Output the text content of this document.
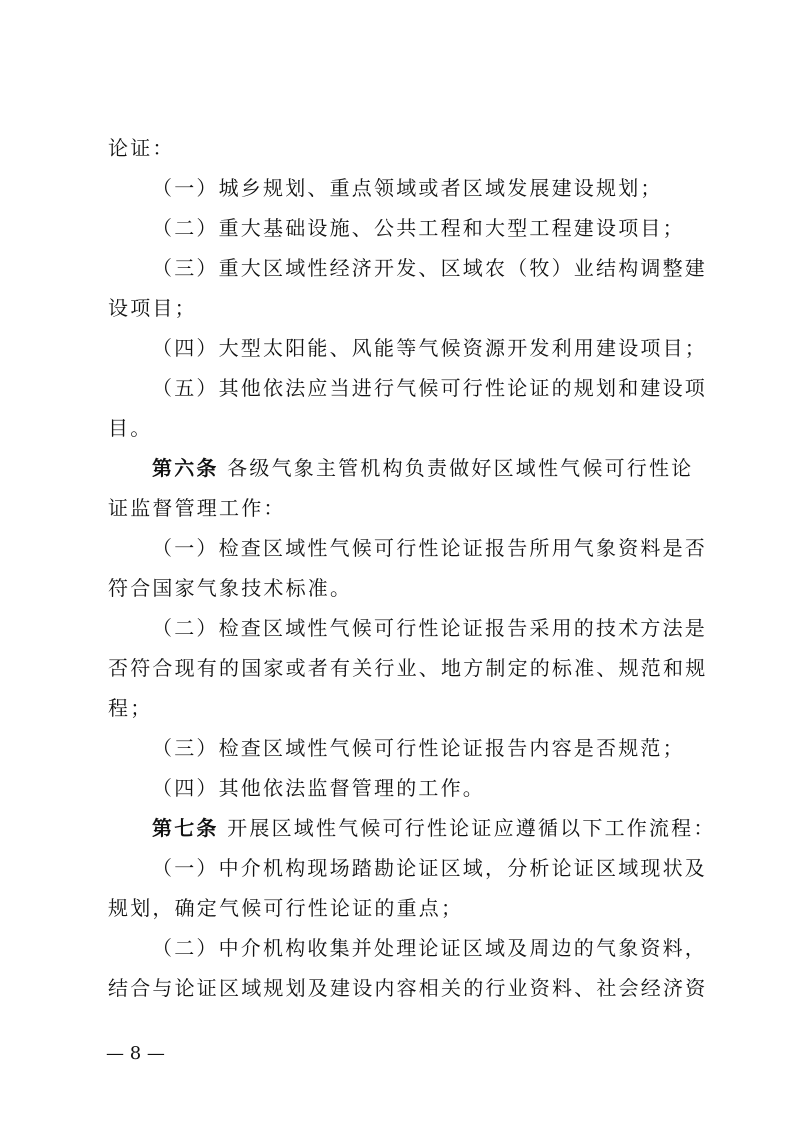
论证：
（一）城乡规划、重点领域或者区域发展建设规划；
（二）重大基础设施、公共工程和大型工程建设项目；
（三）重大区域性经济开发、区域农（牧）业结构调整建
设项目；
（四）大型太阳能、风能等气候资源开发利用建设项目；
（五）其他依法应当进行气候可行性论证的规划和建设项
目。
第六条 各级气象主管机构负责做好区域性气候可行性论
证监督管理工作：
（一）检查区域性气候可行性论证报告所用气象资料是否
符合国家气象技术标准。
（二）检查区域性气候可行性论证报告采用的技术方法是
否符合现有的国家或者有关行业、地方制定的标准、规范和规
程；
（三）检查区域性气候可行性论证报告内容是否规范；
（四）其他依法监督管理的工作。
第七条 开展区域性气候可行性论证应遵循以下工作流程：
（一）中介机构现场踏勘论证区域，分析论证区域现状及
规划，确定气候可行性论证的重点；
（二）中介机构收集并处理论证区域及周边的气象资料，
结合与论证区域规划及建设内容相关的行业资料、社会经济资
— 8 —
